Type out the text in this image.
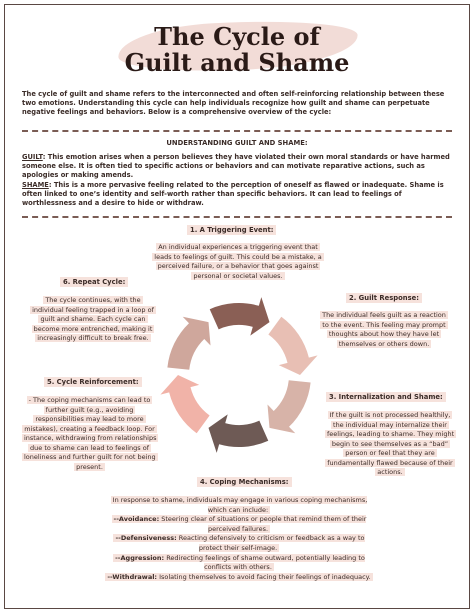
The Cycle of
Guilt and Shame
The cycle of guilt and shame refers to the interconnected and often self-reinforcing relationship between these two emotions. Understanding this cycle can help individuals recognize how guilt and shame can perpetuate negative feelings and behaviors. Below is a comprehensive overview of the cycle:
UNDERSTANDING GUILT AND SHAME:

GUILT: This emotion arises when a person believes they have violated their own moral standards or have harmed someone else. It is often tied to specific actions or behaviors and can motivate reparative actions, such as apologies or making amends.

SHAME: This is a more pervasive feeling related to the perception of oneself as flawed or inadequate. Shame is often linked to one’s identity and self-worth rather than specific behaviors. It can lead to feelings of worthlessness and a desire to hide or withdraw.

1. A Triggering Event:
An individual experiences a triggering event that leads to feelings of guilt. This could be a mistake, a perceived failure, or a behavior that goes against personal or societal values.
2. Guilt Response:
The individual feels guilt as a reaction to the event. This feeling may prompt thoughts about how they have let themselves or others down.
3. Internalization and Shame:
If the guilt is not processed healthily, the individual may internalize their feelings, leading to shame. They might begin to see themselves as a “bad” person or feel that they are fundamentally flawed because of their actions.
4. Coping Mechanisms:
In response to shame, individuals may engage in various coping mechanisms, which can include:
--Avoidance: Steering clear of situations or people that remind them of their perceived failures.
--Defensiveness: Reacting defensively to criticism or feedback as a way to protect their self-image.
--Aggression: Redirecting feelings of shame outward, potentially leading to conflicts with others.
--Withdrawal: Isolating themselves to avoid facing their feelings of inadequacy.
5. Cycle Reinforcement:
- The coping mechanisms can lead to further guilt (e.g., avoiding responsibilities may lead to more mistakes), creating a feedback loop. For instance, withdrawing from relationships due to shame can lead to feelings of loneliness and further guilt for not being present.
6. Repeat Cycle:
The cycle continues, with the individual feeling trapped in a loop of guilt and shame. Each cycle can become more entrenched, making it increasingly difficult to break free.
